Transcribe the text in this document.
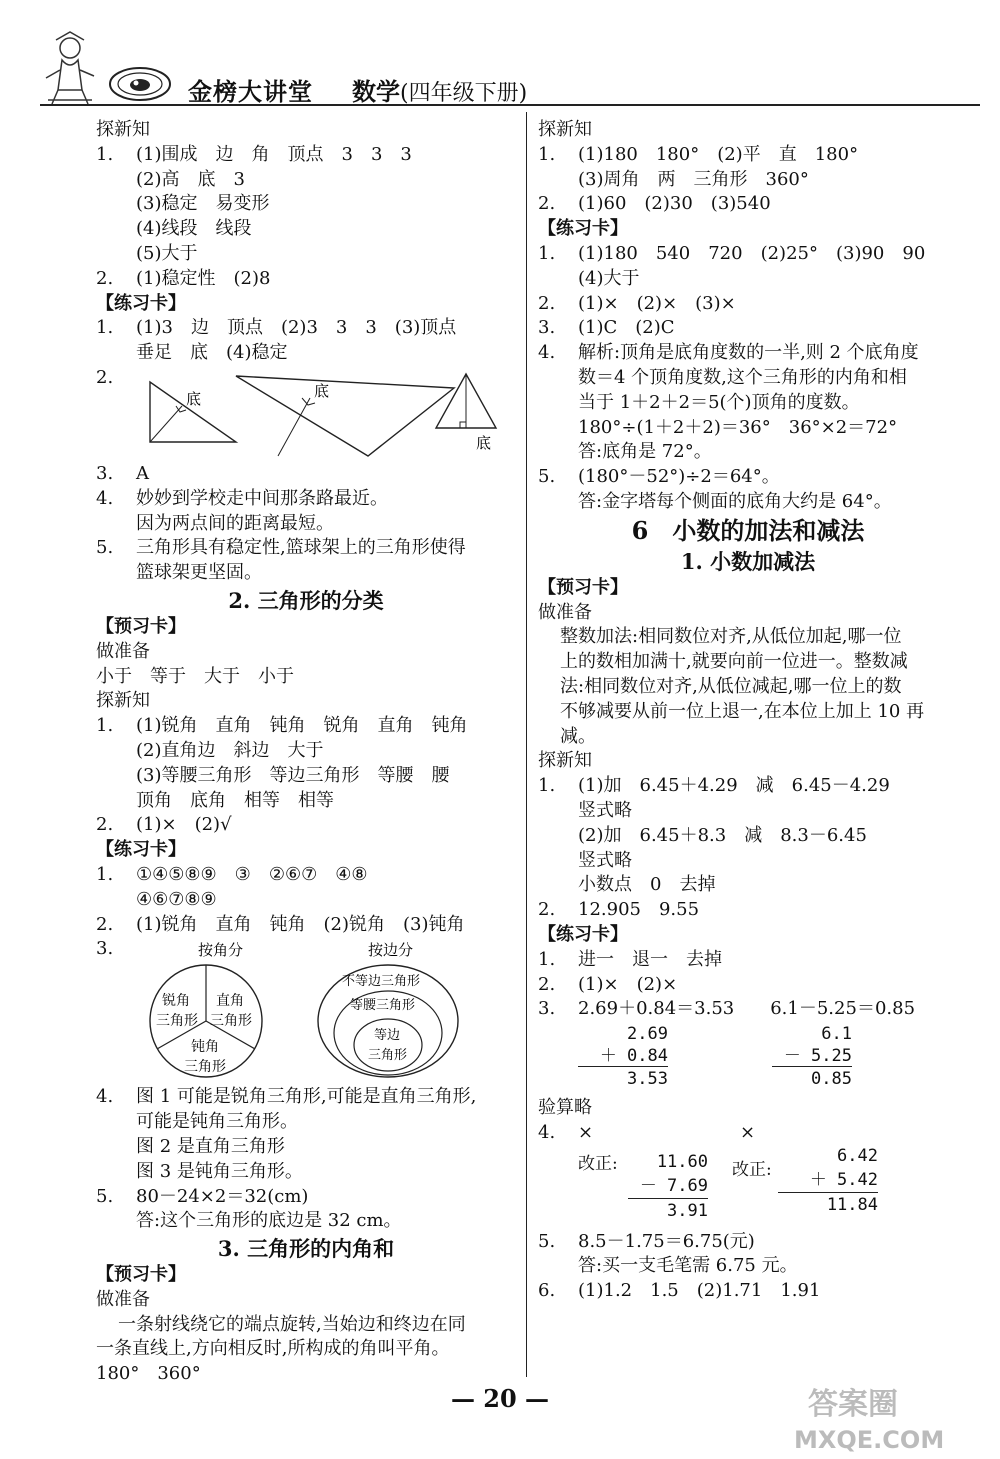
金榜大讲堂 数学(四年级下册)
探新知
1. (1)围成　边　角　顶点　3　3　3
(2)高　底　3
(3)稳定　易变形
(4)线段　线段
(5)大于
2. (1)稳定性　(2)8
【练习卡】
1. (1)3　边　顶点　(2)3　3　3　(3)顶点
垂足　底　(4)稳定
2.
底	底
底
3. A
4. 妙妙到学校走中间那条路最近。
因为两点间的距离最短。
5. 三角形具有稳定性,篮球架上的三角形使得
篮球架更坚固。
2. 三角形的分类
【预习卡】
做准备
小于　等于　大于　小于
探新知
1. (1)锐角　直角　钝角　锐角　直角　钝角
(2)直角边　斜边　大于
(3)等腰三角形　等边三角形　等腰　腰
顶角　底角　相等　相等
2. (1)×　(2)√
【练习卡】
1. ①④⑤⑧⑨　③　②⑥⑦　④⑧
④⑥⑦⑧⑨
2. (1)锐角　直角　钝角　(2)锐角　(3)钝角
3.	按角分
锐角
三角形
直角
三角形
钝角
三角形
按边分
不等边三角形
等腰三角形
等边
三角形
4. 图 1 可能是锐角三角形,可能是直角三角形,
可能是钝角三角形。
图 2 是直角三角形
图 3 是钝角三角形。
5. 80－24×2＝32(cm)
答:这个三角形的底边是 32 cm。
3. 三角形的内角和
【预习卡】
做准备
一条射线绕它的端点旋转,当始边和终边在同
一条直线上,方向相反时,所构成的角叫平角。
180°　360°
探新知
1. (1)180　180°　(2)平　直　180°
(3)周角　两　三角形　360°
2. (1)60　(2)30　(3)540
【练习卡】
1. (1)180　540　720　(2)25°　(3)90　90
(4)大于
2. (1)×　(2)×　(3)×
3. (1)C　(2)C
4. 解析:顶角是底角度数的一半,则 2 个底角度
数＝4 个顶角度数,这个三角形的内角和相
当于 1＋2＋2＝5(个)顶角的度数。
180°÷(1＋2＋2)＝36°　36°×2＝72°
答:底角是 72°。
5. (180°－52°)÷2＝64°。
答:金字塔每个侧面的底角大约是 64°。
6　小数的加法和减法
1. 小数加减法
【预习卡】
做准备
整数加法:相同数位对齐,从低位加起,哪一位
上的数相加满十,就要向前一位进一。整数减
法:相同数位对齐,从低位减起,哪一位上的数
不够减要从前一位上退一,在本位上加上 10 再
减。
探新知
1. (1)加　6.45＋4.29　减　6.45－4.29
竖式略
(2)加　6.45＋8.3　减　8.3－6.45
竖式略
小数点　0　去掉
2. 12.905　9.55
【练习卡】
1. 进一　退一　去掉
2. (1)×　(2)×
3. 2.69＋0.84＝3.53　　6.1－5.25＝0.85
2.69
＋ 0.84
3.53
6.1
－ 5.25
0.85
验算略
4. ×	×
改正:	11.60
－ 7.69
3.91
改正:
6.42
＋ 5.42
11.84
5. 8.5－1.75＝6.75(元)
答:买一支毛笔需 6.75 元。
6. (1)1.2　1.5　(2)1.71　1.91
— 20 —	答案圈
MXQE.COM
